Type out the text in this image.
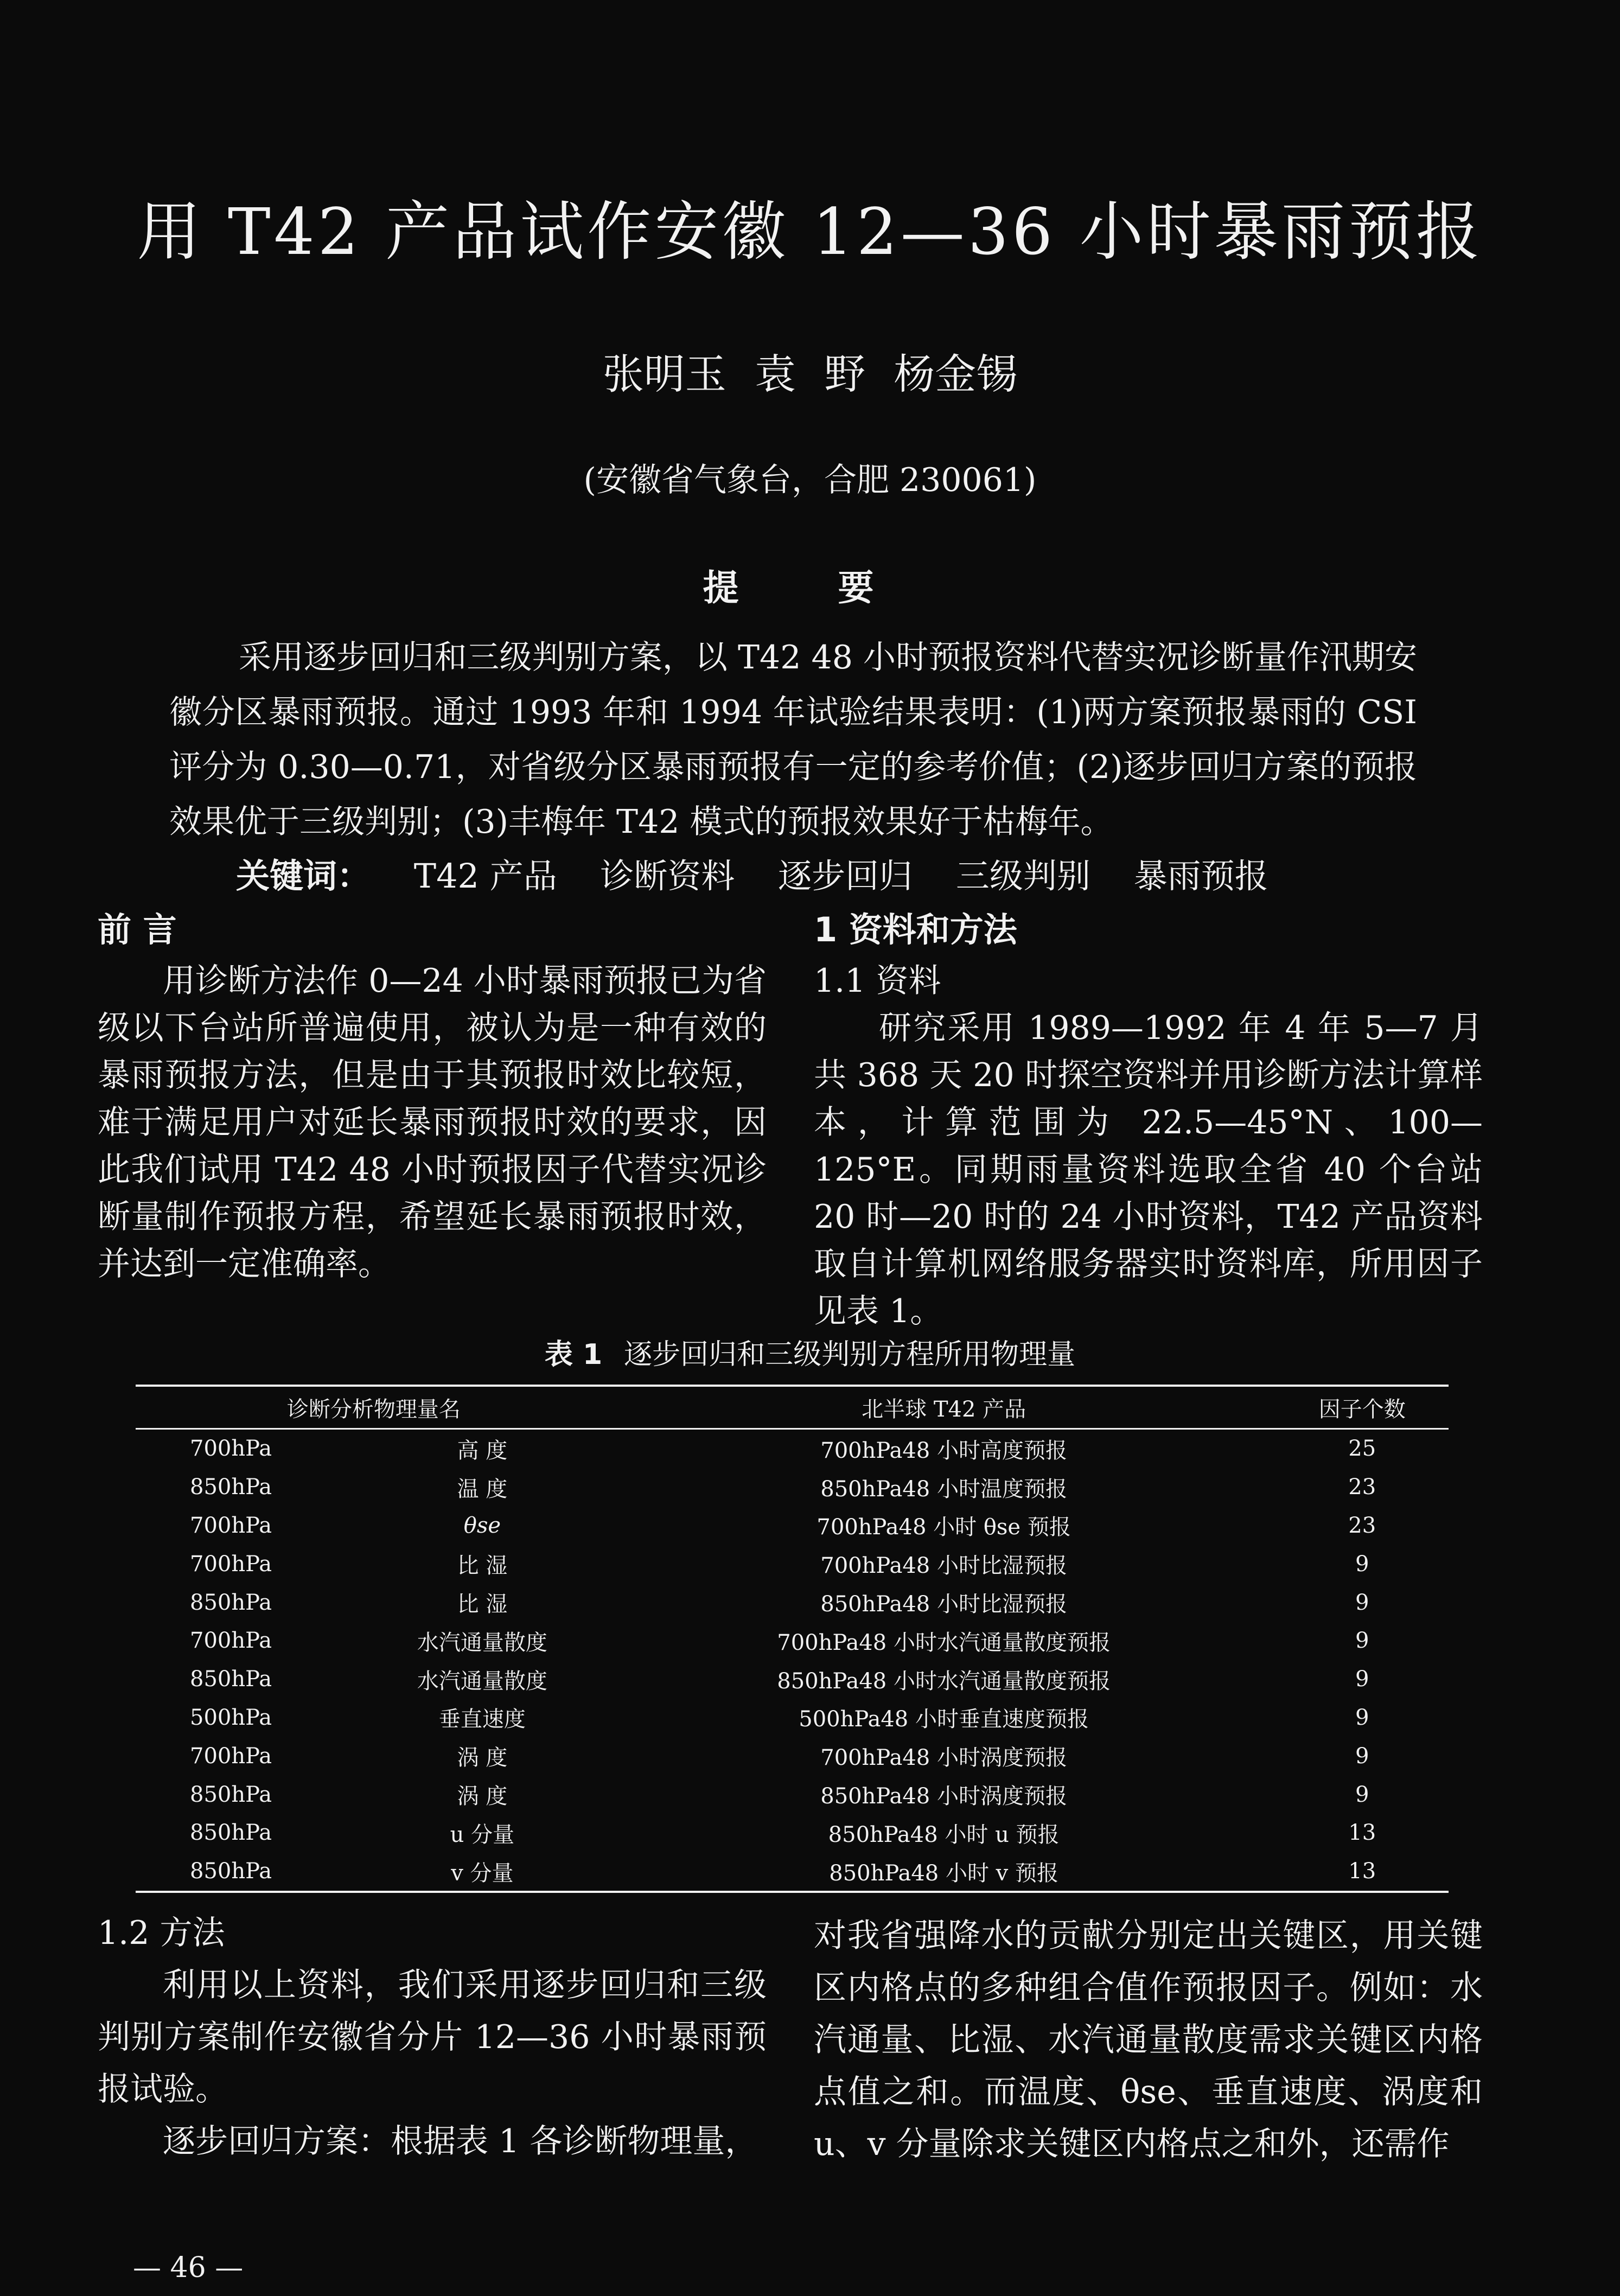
用 T42 产品试作安徽 12—36 小时暴雨预报
张明玉 袁 野 杨金锡
(安徽省气象台，合肥 230061)
提 要

采用逐步回归和三级判别方案，以 T42 48 小时预报资料代替实况诊断量作汛期安徽分区暴雨预报。通过 1993 年和 1994 年试验结果表明：(1)两方案预报暴雨的 CSI 评分为 0.30—0.71，对省级分区暴雨预报有一定的参考价值；(2)逐步回归方案的预报效果优于三级判别；(3)丰梅年 T42 模式的预报效果好于枯梅年。

关键词： T42 产品 诊断资料 逐步回归 三级判别 暴雨预报
前 言

用诊断方法作 0—24 小时暴雨预报已为省级以下台站所普遍使用，被认为是一种有效的暴雨预报方法，但是由于其预报时效比较短，难于满足用户对延长暴雨预报时效的要求，因此我们试用 T42 48 小时预报因子代替实况诊断量制作预报方程，希望延长暴雨预报时效，并达到一定准确率。

1 资料和方法
1.1 资料

研究采用 1989—1992 年 4 年 5—7 月共 368 天 20 时探空资料并用诊断方法计算样本，计算范围为 22.5—45°N、100—125°E。同期雨量资料选取全省 40 个台站 20 时—20 时的 24 小时资料，T42 产品资料取自计算机网络服务器实时资料库，所用因子见表 1。

表 1 逐步回归和三级判别方程所用物理量
诊断分析物理量名		北半球 T42 产品	因子个数
700hPa	高 度	700hPa48 小时高度预报	25
850hPa	温 度	850hPa48 小时温度预报	23
700hPa	θse	700hPa48 小时 θse 预报	23
700hPa	比 湿	700hPa48 小时比湿预报	9
850hPa	比 湿	850hPa48 小时比湿预报	9
700hPa	水汽通量散度	700hPa48 小时水汽通量散度预报	9
850hPa	水汽通量散度	850hPa48 小时水汽通量散度预报	9
500hPa	垂直速度	500hPa48 小时垂直速度预报	9
700hPa	涡 度	700hPa48 小时涡度预报	9
850hPa	涡 度	850hPa48 小时涡度预报	9
850hPa	u 分量	850hPa48 小时 u 预报	13
850hPa	v 分量	850hPa48 小时 v 预报	13
1.2 方法

利用以上资料，我们采用逐步回归和三级判别方案制作安徽省分片 12—36 小时暴雨预报试验。

逐步回归方案：根据表 1 各诊断物理量，

对我省强降水的贡献分别定出关键区，用关键区内格点的多种组合值作预报因子。例如：水汽通量、比湿、水汽通量散度需求关键区内格点值之和。而温度、θse、垂直速度、涡度和 u、v 分量除求关键区内格点之和外，还需作

— 46 —
